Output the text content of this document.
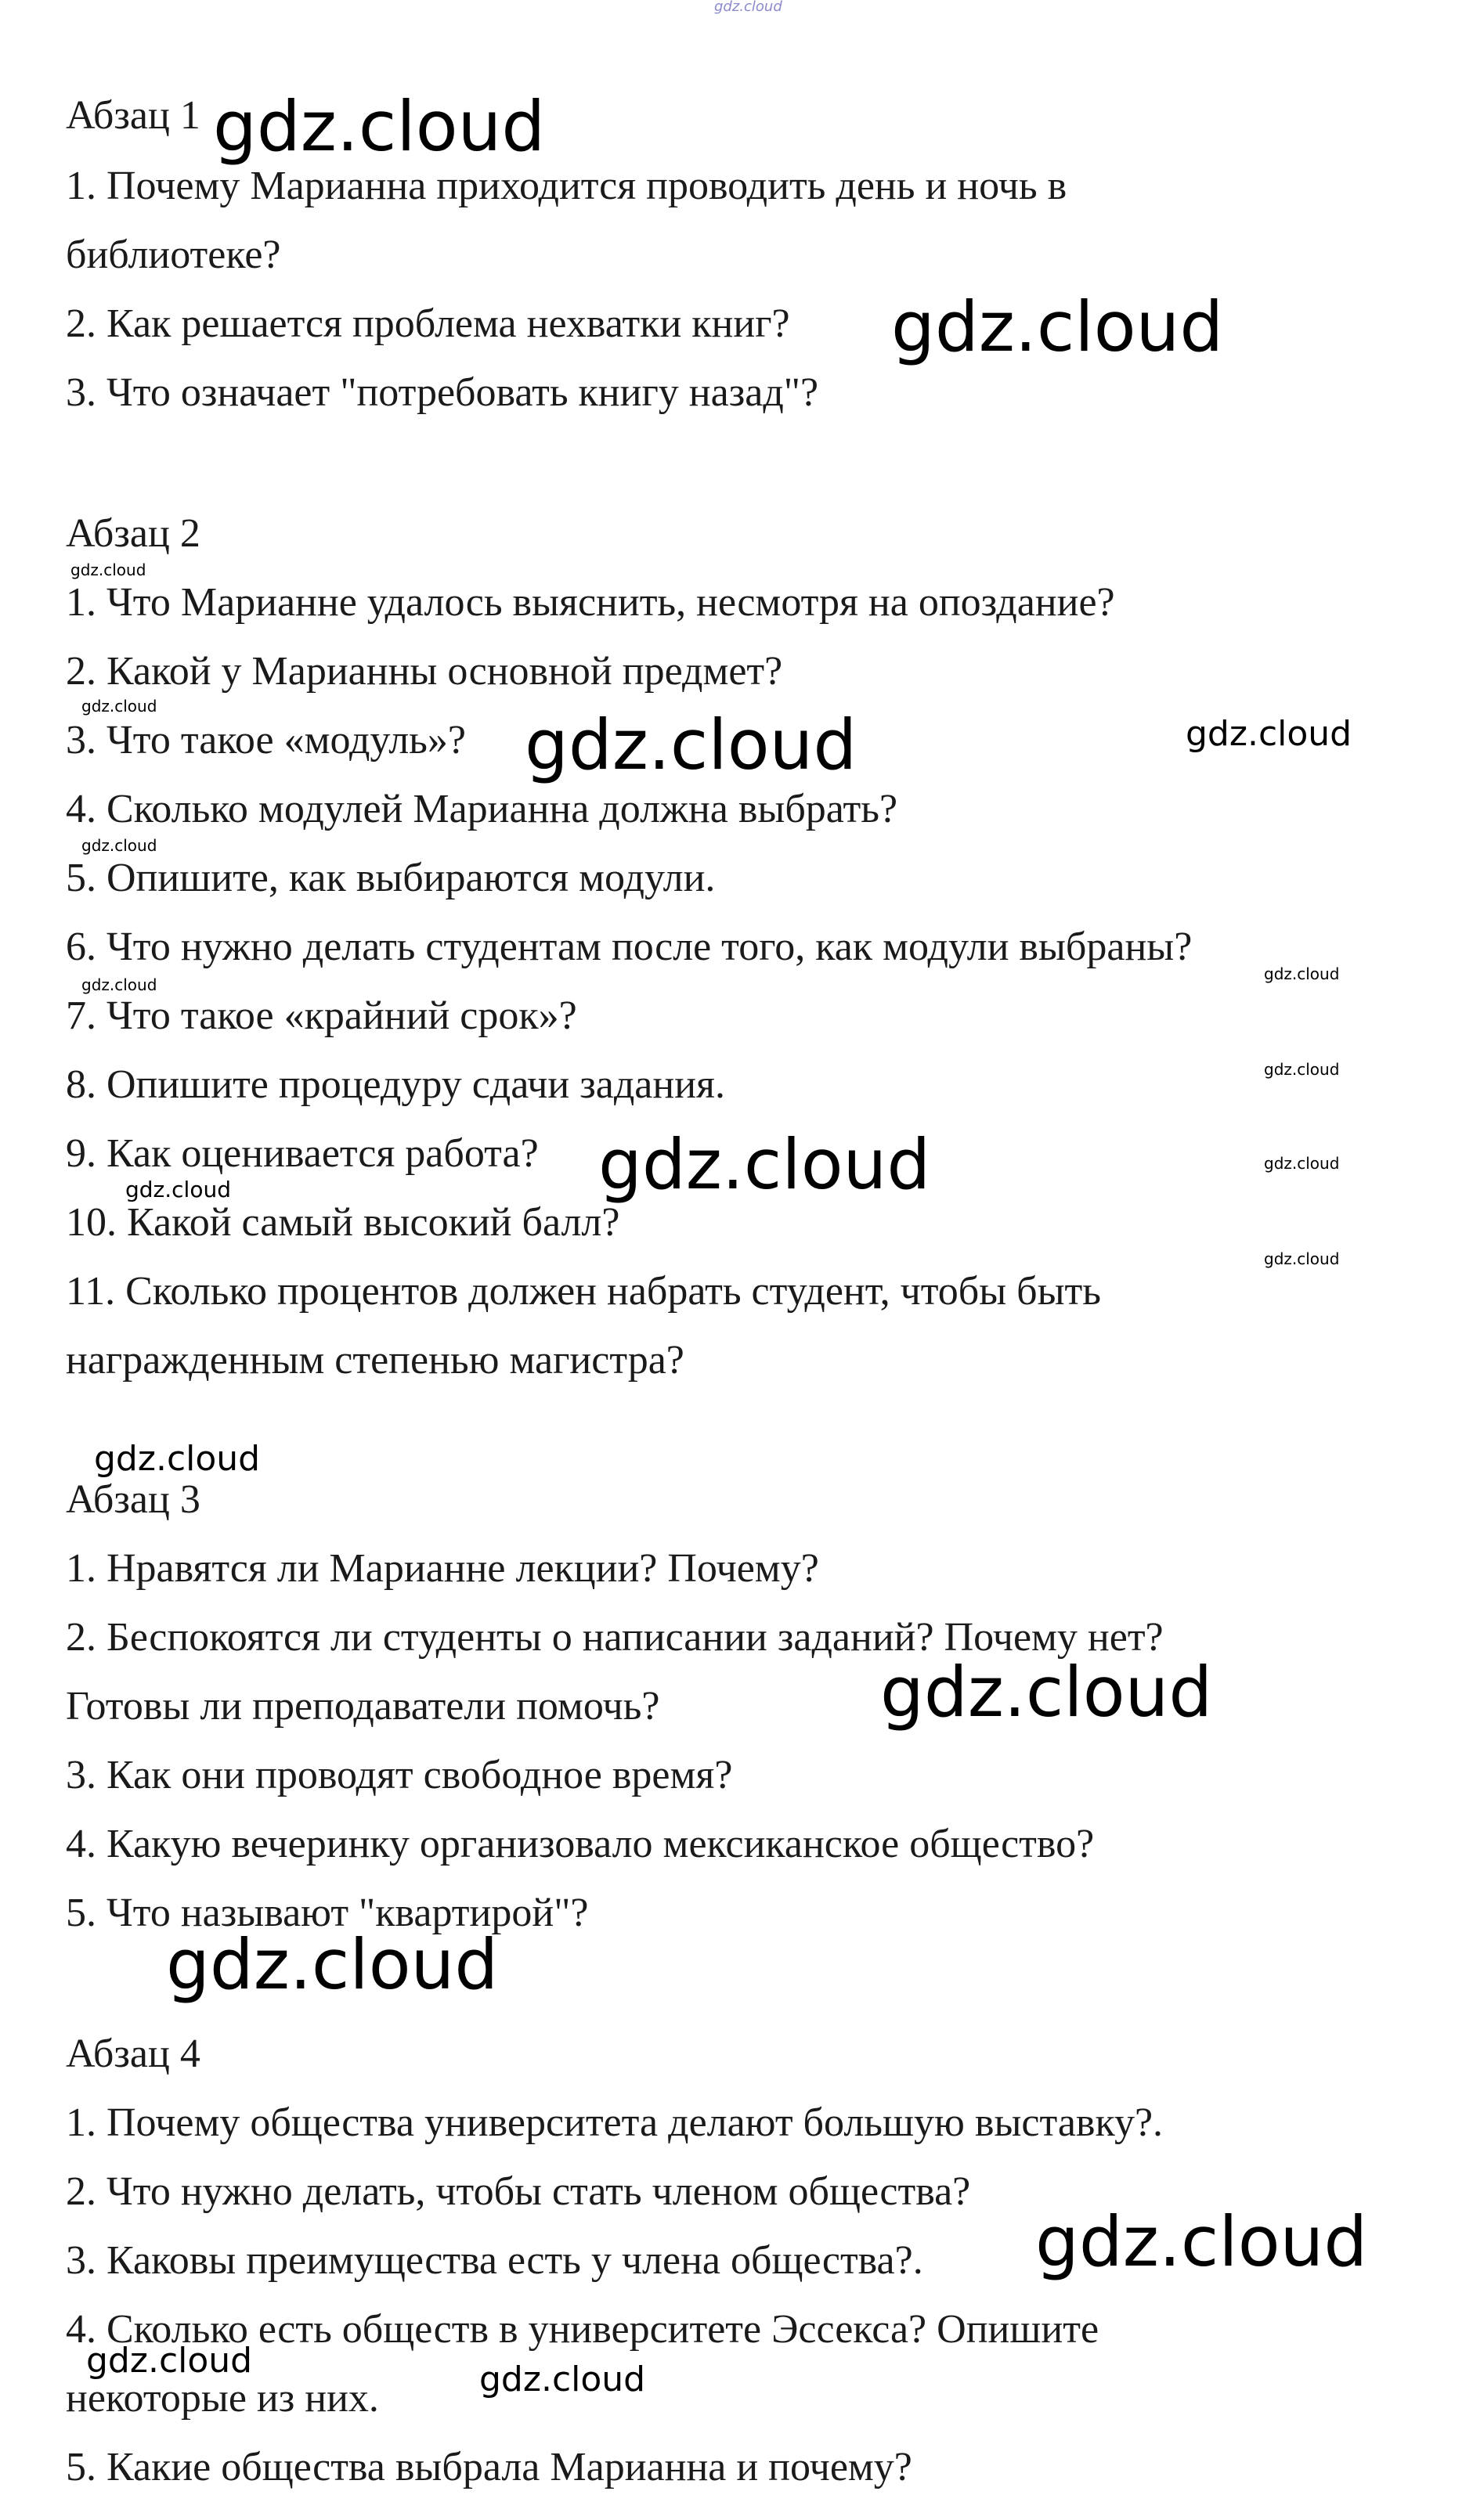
Абзац 1
1. Почему Марианна приходится проводить день и ночь в
библиотеке?
2. Как решается проблема нехватки книг?
3. Что означает "потребовать книгу назад"?
Абзац 2
1. Что Марианне удалось выяснить, несмотря на опоздание?
2. Какой у Марианны основной предмет?
3. Что такое «модуль»?
4. Сколько модулей Марианна должна выбрать?
5. Опишите, как выбираются модули.
6. Что нужно делать студентам после того, как модули выбраны?
7. Что такое «крайний срок»?
8. Опишите процедуру сдачи задания.
9. Как оценивается работа?
10. Какой самый высокий балл?
11. Сколько процентов должен набрать студент, чтобы быть
награжденным степенью магистра?
Абзац 3
1. Нравятся ли Марианне лекции? Почему?
2. Беспокоятся ли студенты о написании заданий? Почему нет?
Готовы ли преподаватели помочь?
3. Как они проводят свободное время?
4. Какую вечеринку организовало мексиканское общество?
5. Что называют "квартирой"?
Абзац 4
1. Почему общества университета делают большую выставку?.
2. Что нужно делать, чтобы стать членом общества?
3. Каковы преимущества есть у члена общества?.
4. Сколько есть обществ в университете Эссекса? Опишите
некоторые из них.
5. Какие общества выбрала Марианна и почему?
gdz.cloud
gdz.cloud
gdz.cloud
gdz.cloud
gdz.cloud	gdz.cloud	gdz.cloud
gdz.cloud
gdz.cloud
gdz.cloud
gdz.cloud
gdz.cloud	gdz.cloud
gdz.cloud
gdz.cloud
gdz.cloud
gdz.cloud
gdz.cloud
gdz.cloud
gdz.cloud	gdz.cloud
